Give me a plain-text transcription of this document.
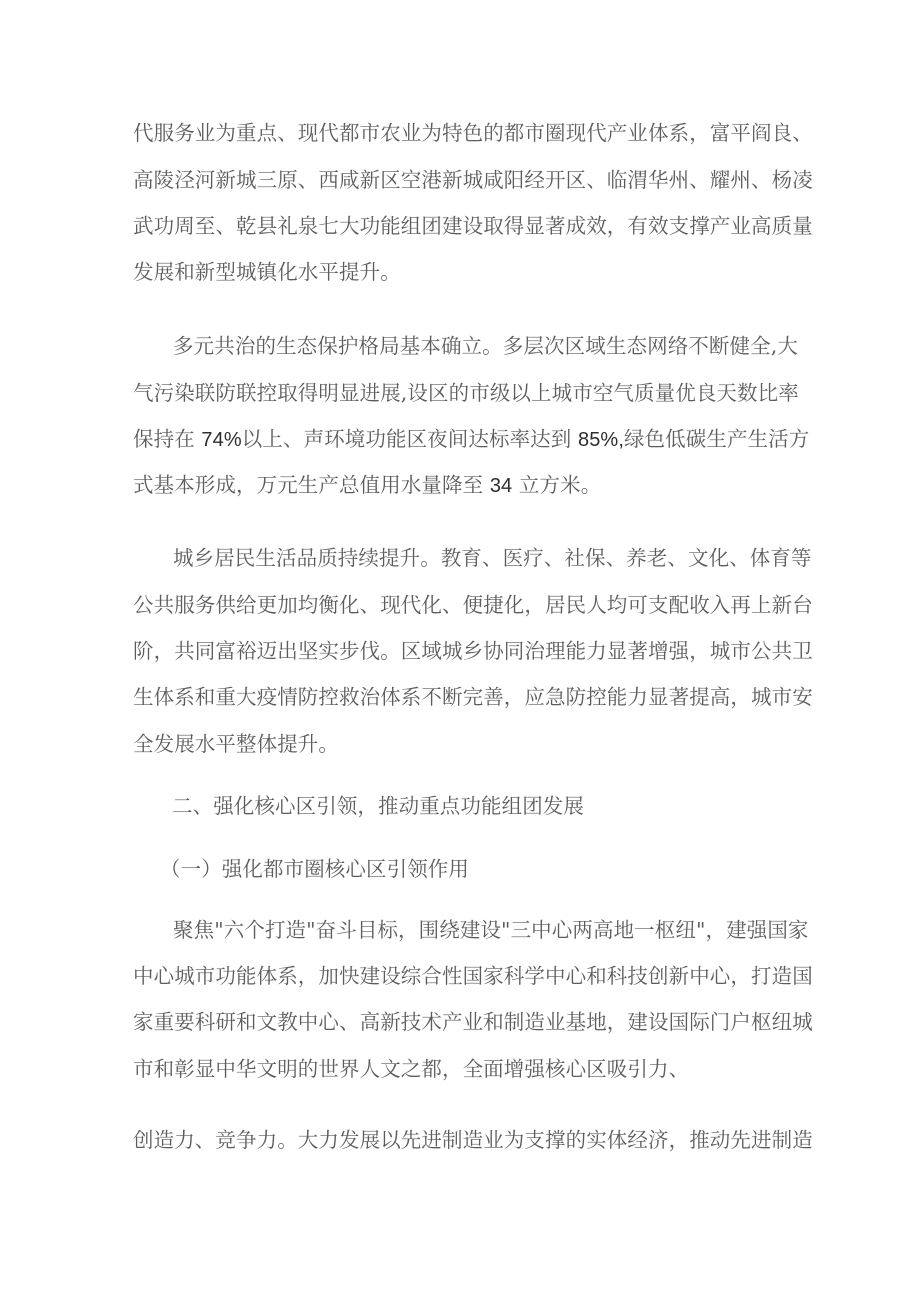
代服务业为重点、现代都市农业为特色的都市圈现代产业体系，富平阎良、
高陵泾河新城三原、西咸新区空港新城咸阳经开区、临渭华州、耀州、杨凌
武功周至、乾县礼泉七大功能组团建设取得显著成效，有效支撑产业高质量
发展和新型城镇化水平提升。
多元共治的生态保护格局基本确立。多层次区域生态网络不断健全,大
气污染联防联控取得明显进展,设区的市级以上城市空气质量优良天数比率
保持在 74%以上、声环境功能区夜间达标率达到 85%,绿色低碳生产生活方
式基本形成，万元生产总值用水量降至 34 立方米。
城乡居民生活品质持续提升。教育、医疗、社保、养老、文化、体育等
公共服务供给更加均衡化、现代化、便捷化，居民人均可支配收入再上新台
阶，共同富裕迈出坚实步伐。区域城乡协同治理能力显著增强，城市公共卫
生体系和重大疫情防控救治体系不断完善，应急防控能力显著提高，城市安
全发展水平整体提升。
二、强化核心区引领，推动重点功能组团发展
（一）强化都市圈核心区引领作用
聚焦"六个打造"奋斗目标，围绕建设"三中心两高地一枢纽"，建强国家
中心城市功能体系，加快建设综合性国家科学中心和科技创新中心，打造国
家重要科研和文教中心、高新技术产业和制造业基地，建设国际门户枢纽城
市和彰显中华文明的世界人文之都，全面增强核心区吸引力、
创造力、竞争力。大力发展以先进制造业为支撑的实体经济，推动先进制造
